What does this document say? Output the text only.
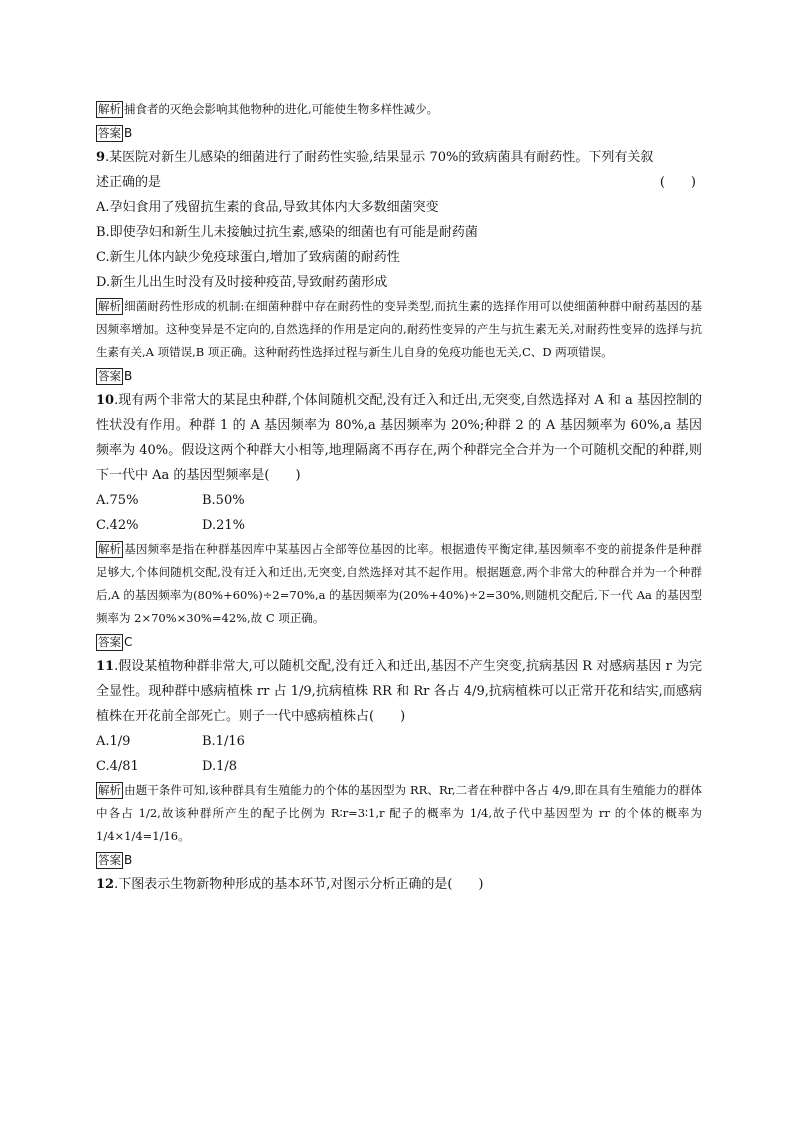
解析 捕食者的灭绝会影响其他物种的进化,可能使生物多样性减少。

答案 B

9.某医院对新生儿感染的细菌进行了耐药性实验,结果显示 70%的致病菌具有耐药性。下列有关叙

述正确的是	(　　)

A.孕妇食用了残留抗生素的食品,导致其体内大多数细菌突变

B.即使孕妇和新生儿未接触过抗生素,感染的细菌也有可能是耐药菌

C.新生儿体内缺少免疫球蛋白,增加了致病菌的耐药性

D.新生儿出生时没有及时接种疫苗,导致耐药菌形成

解析 细菌耐药性形成的机制:在细菌种群中存在耐药性的变异类型,而抗生素的选择作用可以使细菌种群中耐药基因的基因频率增加。这种变异是不定向的,自然选择的作用是定向的,耐药性变异的产生与抗生素无关,对耐药性变异的选择与抗生素有关,A 项错误,B 项正确。这种耐药性选择过程与新生儿自身的免疫功能也无关,C、D 两项错误。

答案 B

10.现有两个非常大的某昆虫种群,个体间随机交配,没有迁入和迁出,无突变,自然选择对 A 和 a 基因控制的性状没有作用。种群 1 的 A 基因频率为 80%,a 基因频率为 20%;种群 2 的 A 基因频率为 60%,a 基因频率为 40%。假设这两个种群大小相等,地理隔离不再存在,两个种群完全合并为一个可随机交配的种群,则下一代中 Aa 的基因型频率是(　　)

A.75%	B.50%
C.42%	D.21%

解析 基因频率是指在种群基因库中某基因占全部等位基因的比率。根据遗传平衡定律,基因频率不变的前提条件是种群足够大,个体间随机交配,没有迁入和迁出,无突变,自然选择对其不起作用。根据题意,两个非常大的种群合并为一个种群后,A 的基因频率为(80%+60%)÷2=70%,a 的基因频率为(20%+40%)÷2=30%,则随机交配后,下一代 Aa 的基因型频率为 2×70%×30%=42%,故 C 项正确。

答案 C

11.假设某植物种群非常大,可以随机交配,没有迁入和迁出,基因不产生突变,抗病基因 R 对感病基因 r 为完全显性。现种群中感病植株 rr 占 1/9,抗病植株 RR 和 Rr 各占 4/9,抗病植株可以正常开花和结实,而感病植株在开花前全部死亡。则子一代中感病植株占(　　)

A.1/9	B.1/16
C.4/81	D.1/8

解析 由题干条件可知,该种群具有生殖能力的个体的基因型为 RR、Rr,二者在种群中各占 4/9,即在具有生殖能力的群体中各占 1/2,故该种群所产生的配子比例为 R∶r=3∶1,r 配子的概率为 1/4,故子代中基因型为 rr 的个体的概率为 1/4×1/4=1/16。

答案 B

12.下图表示生物新物种形成的基本环节,对图示分析正确的是(　　)
